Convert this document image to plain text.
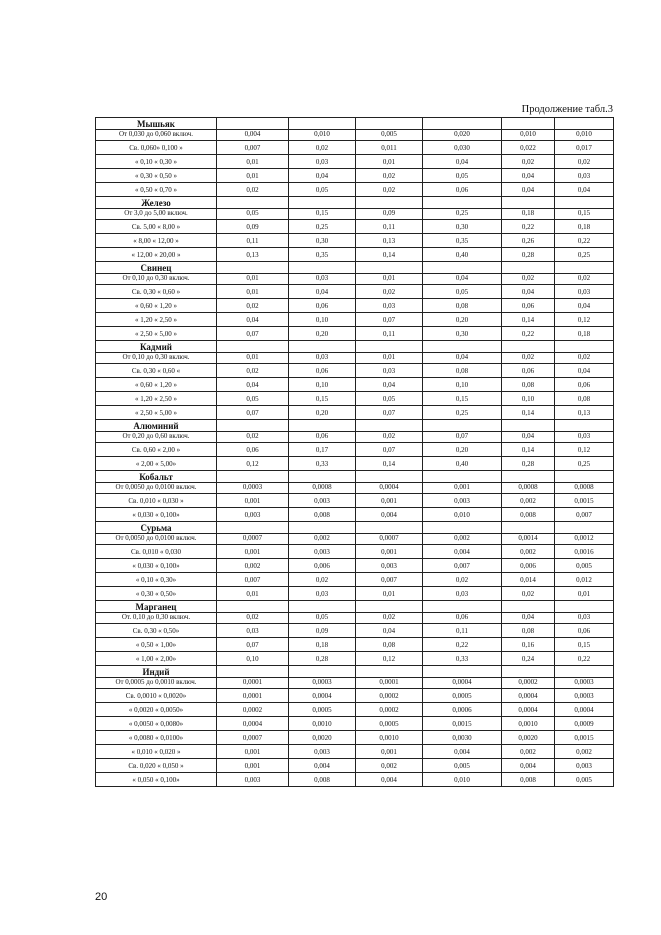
Продолжение табл.3
Мышьяк						
От 0,030 до 0,060 включ.	0,004	0,010	0,005	0,020	0,010	0,010
Св. 0,060» 0,100 »	0,007	0,02	0,011	0,030	0,022	0,017
« 0,10 « 0,30 »	0,01	0,03	0,01	0,04	0,02	0,02
« 0,30 « 0,50 »	0,01	0,04	0,02	0,05	0,04	0,03
« 0,50 « 0,70 »	0,02	0,05	0,02	0,06	0,04	0,04
Железо						
От 3,0 до 5,00 включ.	0,05	0,15	0,09	0,25	0,18	0,15
Св. 5,00 « 8,00 »	0,09	0,25	0,11	0,30	0,22	0,18
« 8,00 « 12,00 »	0,11	0,30	0,13	0,35	0,26	0,22
« 12,00 « 20,00 »	0,13	0,35	0,14	0,40	0,28	0,25
Свинец						
От 0,10 до 0,30 включ.	0,01	0,03	0,01	0,04	0,02	0,02
Св. 0,30 « 0,60 »	0,01	0,04	0,02	0,05	0,04	0,03
« 0,60 « 1,20 »	0,02	0,06	0,03	0,08	0,06	0,04
« 1,20 « 2,50 »	0,04	0,10	0,07	0,20	0,14	0,12
« 2,50 « 5,00 »	0,07	0,20	0,11	0,30	0,22	0,18
Кадмий						
От 0,10 до 0,30 включ.	0,01	0,03	0,01	0,04	0,02	0,02
Св. 0,30 « 0,60 «	0,02	0,06	0,03	0,08	0,06	0,04
« 0,60 « 1,20 »	0,04	0,10	0,04	0,10	0,08	0,06
« 1,20 « 2,50 »	0,05	0,15	0,05	0,15	0,10	0,08
« 2,50 « 5,00 »	0,07	0,20	0,07	0,25	0,14	0,13
Алюминий						
От 0,20 до 0,60 включ.	0,02	0,06	0,02	0,07	0,04	0,03
Св. 0,60 « 2,00 »	0,06	0,17	0,07	0,20	0,14	0,12
« 2,00 « 5,00»	0,12	0,33	0,14	0,40	0,28	0,25
Кобальт						
От 0,0050 до 0,0100 включ.	0,0003	0,0008	0,0004	0,001	0,0008	0,0008
Св. 0,010 « 0,030 »	0,001	0,003	0,001	0,003	0,002	0,0015
« 0,030 « 0,100»	0,003	0,008	0,004	0,010	0,008	0,007
Сурьма						
От 0,0050 до 0,0100 включ.	0,0007	0,002	0,0007	0,002	0,0014	0,0012
Св. 0,010 « 0,030	0,001	0,003	0,001	0,004	0,002	0,0016
« 0,030 « 0,100»	0,002	0,006	0,003	0,007	0,006	0,005
« 0,10 « 0,30»	0,007	0,02	0,007	0,02	0,014	0,012
« 0,30 « 0,50»	0,01	0,03	0,01	0,03	0,02	0,01
Марганец						
От. 0,10 до 0,30 включ.	0,02	0,05	0,02	0,06	0,04	0,03
Св. 0,30 « 0,50»	0,03	0,09	0,04	0,11	0,08	0,06
« 0,50 « 1,00»	0,07	0,18	0,08	0,22	0,16	0,15
« 1,00 « 2,00»	0,10	0,28	0,12	0,33	0,24	0,22
Индий						
От 0,0005 до 0,0010 включ.	0,0001	0,0003	0,0001	0,0004	0,0002	0,0003
Св. 0,0010 « 0,0020»	0,0001	0,0004	0,0002	0,0005	0,0004	0,0003
« 0,0020 « 0,0050»	0,0002	0,0005	0,0002	0,0006	0,0004	0,0004
« 0,0050 « 0,0080»	0,0004	0,0010	0,0005	0,0015	0,0010	0,0009
« 0,0080 « 0,0100»	0,0007	0,0020	0,0010	0,0030	0,0020	0,0015
« 0,010 « 0,020 »	0,001	0,003	0,001	0,004	0,002	0,002
Св. 0,020 « 0,050 »	0,001	0,004	0,002	0,005	0,004	0,003
« 0,050 « 0,100»	0,003	0,008	0,004	0,010	0,008	0,005
20
